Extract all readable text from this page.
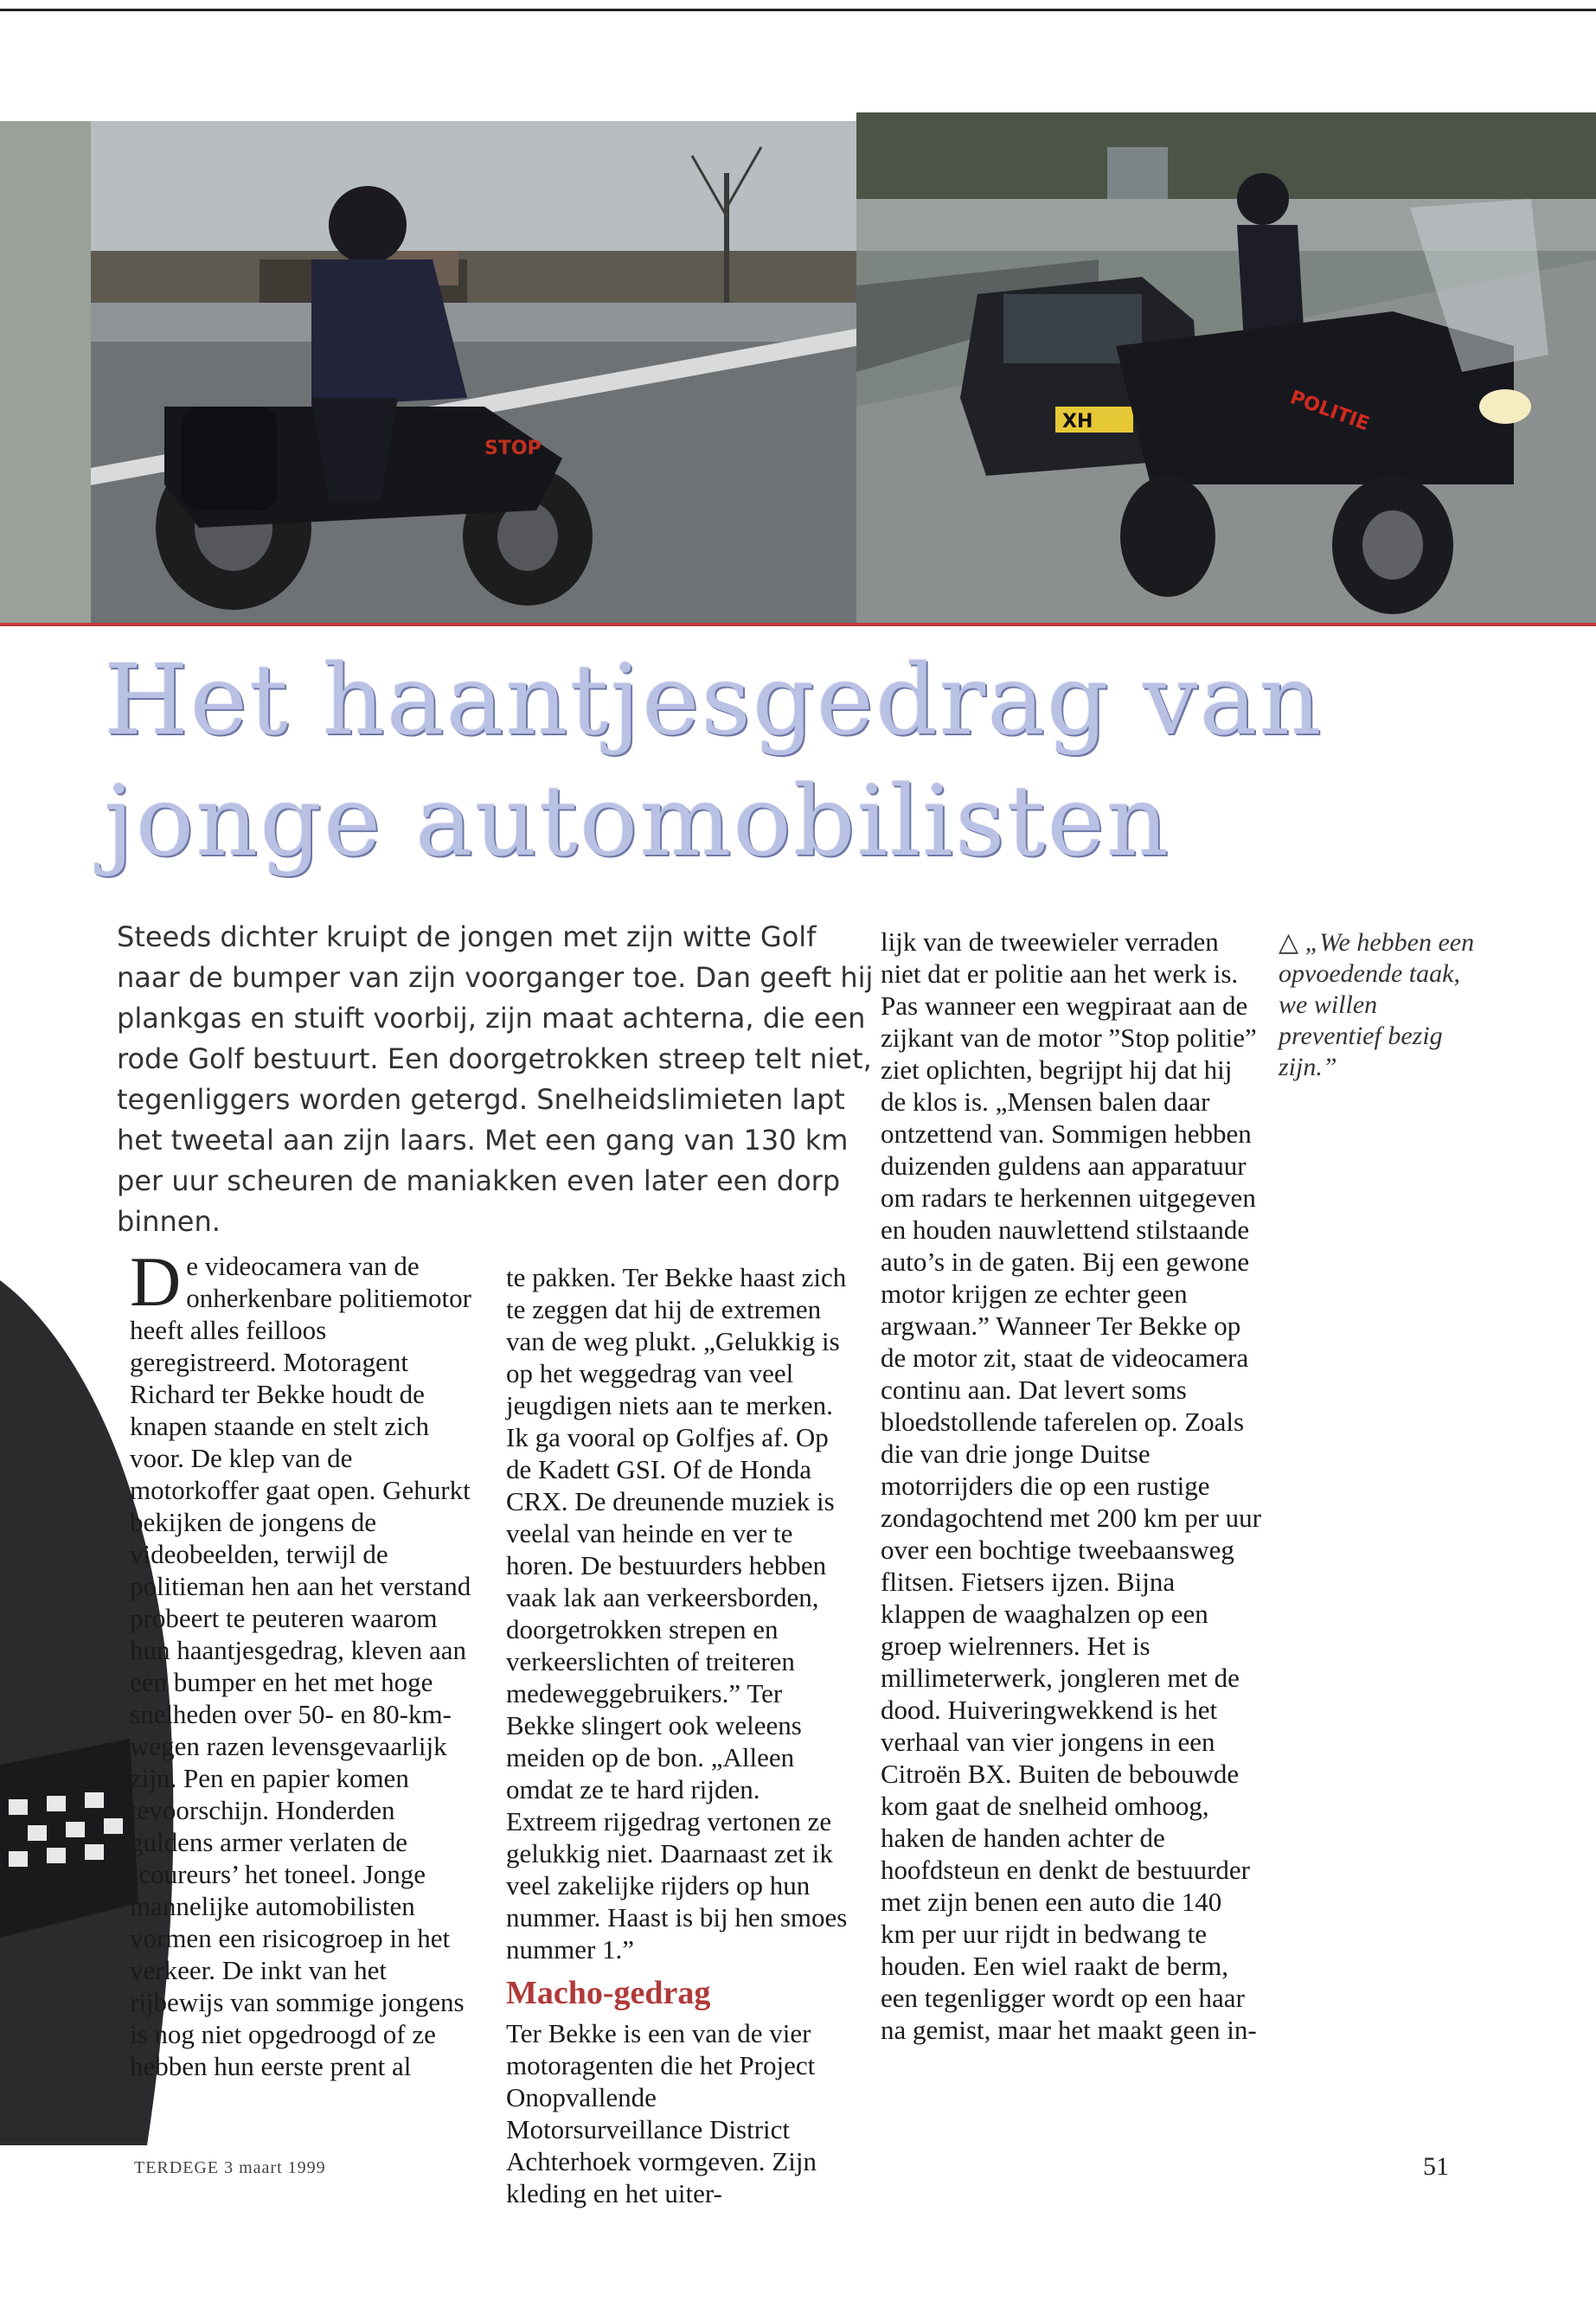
STOP
XH	POLITIE
Het haantjesgedrag van
jonge automobilisten

Steeds dichter kruipt de jongen met zijn witte Golf naar de bumper van zijn voorganger toe. Dan geeft hij plankgas en stuift voorbij, zijn maat achterna, die een rode Golf bestuurt. Een doorgetrokken streep telt niet, tegenliggers worden getergd. Snelheidslimieten lapt het tweetal aan zijn laars. Met een gang van 130 km per uur scheuren de maniakken even later een dorp binnen.

D e videocamera van de onherkenbare politiemotor heeft alles feilloos geregistreerd. Motoragent Richard ter Bekke houdt de knapen staande en stelt zich voor. De klep van de motorkoffer gaat open. Gehurkt bekijken de jongens de videobeelden, terwijl de politieman hen aan het verstand probeert te peuteren waarom hun haantjesgedrag, kleven aan een bumper en het met hoge snelheden over 50- en 80-km-wegen razen levensgevaarlijk zijn. Pen en papier komen tevoorschijn. Honderden guldens armer verlaten de ‘coureurs’ het toneel. Jonge mannelijke automobilisten vormen een risicogroep in het verkeer. De inkt van het rijbewijs van sommige jongens is nog niet opgedroogd of ze hebben hun eerste prent al

te pakken. Ter Bekke haast zich te zeggen dat hij de extremen van de weg plukt. „Gelukkig is op het weggedrag van veel jeugdigen niets aan te merken. Ik ga vooral op Golfjes af. Op de Kadett GSI. Of de Honda CRX. De dreunende muziek is veelal van heinde en ver te horen. De bestuurders hebben vaak lak aan verkeersborden, doorgetrokken strepen en verkeerslichten of treiteren medeweggebruikers.” Ter Bekke slingert ook weleens meiden op de bon. „Alleen omdat ze te hard rijden. Extreem rijgedrag vertonen ze gelukkig niet. Daarnaast zet ik veel zakelijke rijders op hun nummer. Haast is bij hen smoes nummer 1.”

Macho-gedrag

Ter Bekke is een van de vier motoragenten die het Project Onopvallende Motorsurveillance District Achterhoek vormgeven. Zijn kleding en het uiter-

lijk van de tweewieler verraden niet dat er politie aan het werk is. Pas wanneer een wegpiraat aan de zijkant van de motor ”Stop politie” ziet oplichten, begrijpt hij dat hij de klos is. „Mensen balen daar ontzettend van. Sommigen hebben duizenden guldens aan apparatuur om radars te herkennen uitgegeven en houden nauwlettend stilstaande auto’s in de gaten. Bij een gewone motor krijgen ze echter geen argwaan.” Wanneer Ter Bekke op de motor zit, staat de videocamera continu aan. Dat levert soms bloedstollende taferelen op. Zoals die van drie jonge Duitse motorrijders die op een rustige zondagochtend met 200 km per uur over een bochtige tweebaansweg flitsen. Fietsers ijzen. Bijna klappen de waaghalzen op een groep wielrenners. Het is millimeterwerk, jongleren met de dood. Huiveringwekkend is het verhaal van vier jongens in een Citroën BX. Buiten de bebouwde kom gaat de snelheid omhoog, haken de handen achter de hoofdsteun en denkt de bestuurder met zijn benen een auto die 140 km per uur rijdt in bedwang te houden. Een wiel raakt de berm, een tegenligger wordt op een haar na gemist, maar het maakt geen in-

△ „We hebben een opvoedende taak, we willen preventief bezig zijn.”

TERDEGE 3 maart 1999	51
